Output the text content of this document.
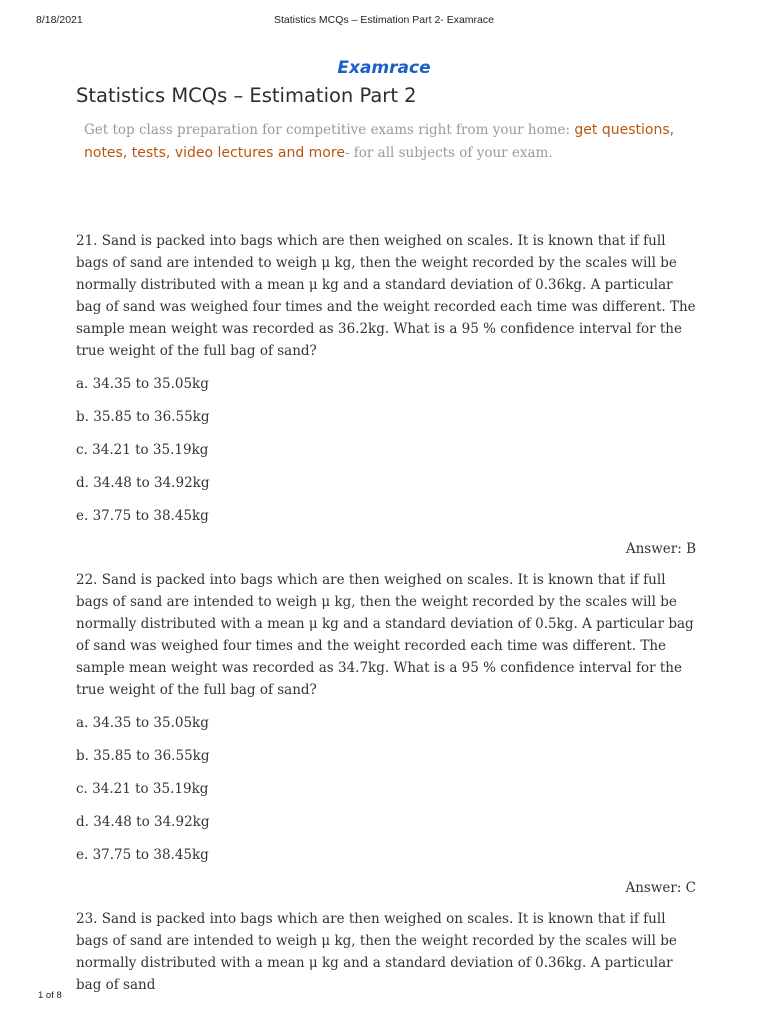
8/18/2021	Statistics MCQs – Estimation Part 2- Examrace
Examrace
Statistics MCQs – Estimation Part 2
Get top class preparation for competitive exams right from your home: get questions, notes, tests, video lectures and more- for all subjects of your exam.

21. Sand is packed into bags which are then weighed on scales. It is known that if full bags of sand are intended to weigh μ kg, then the weight recorded by the scales will be normally distributed with a mean μ kg and a standard deviation of 0.36kg. A particular bag of sand was weighed four times and the weight recorded each time was different. The sample mean weight was recorded as 36.2kg. What is a 95 % confidence interval for the true weight of the full bag of sand?

a. 34.35 to 35.05kg
b. 35.85 to 36.55kg
c. 34.21 to 35.19kg
d. 34.48 to 34.92kg
e. 37.75 to 38.45kg
Answer: B

22. Sand is packed into bags which are then weighed on scales. It is known that if full bags of sand are intended to weigh μ kg, then the weight recorded by the scales will be normally distributed with a mean μ kg and a standard deviation of 0.5kg. A particular bag of sand was weighed four times and the weight recorded each time was different. The sample mean weight was recorded as 34.7kg. What is a 95 % confidence interval for the true weight of the full bag of sand?

a. 34.35 to 35.05kg
b. 35.85 to 36.55kg
c. 34.21 to 35.19kg
d. 34.48 to 34.92kg
e. 37.75 to 38.45kg
Answer: C

23. Sand is packed into bags which are then weighed on scales. It is known that if full bags of sand are intended to weigh μ kg, then the weight recorded by the scales will be normally distributed with a mean μ kg and a standard deviation of 0.36kg. A particular bag of sand

1 of 8
